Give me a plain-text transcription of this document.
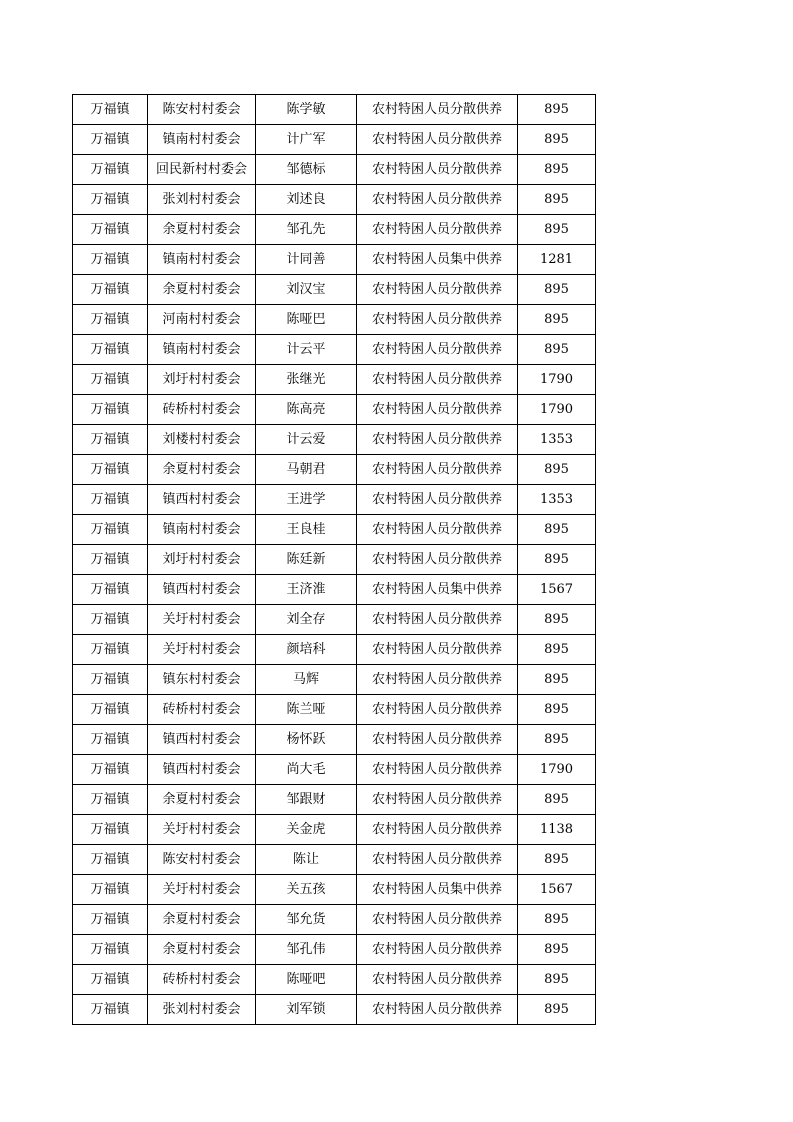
万福镇	陈安村村委会	陈学敏	农村特困人员分散供养	895
万福镇	镇南村村委会	计广军	农村特困人员分散供养	895
万福镇	回民新村村委会	邹德标	农村特困人员分散供养	895
万福镇	张刘村村委会	刘述良	农村特困人员分散供养	895
万福镇	余夏村村委会	邹孔先	农村特困人员分散供养	895
万福镇	镇南村村委会	计同善	农村特困人员集中供养	1281
万福镇	余夏村村委会	刘汉宝	农村特困人员分散供养	895
万福镇	河南村村委会	陈哑巴	农村特困人员分散供养	895
万福镇	镇南村村委会	计云平	农村特困人员分散供养	895
万福镇	刘圩村村委会	张继光	农村特困人员分散供养	1790
万福镇	砖桥村村委会	陈高亮	农村特困人员分散供养	1790
万福镇	刘楼村村委会	计云爱	农村特困人员分散供养	1353
万福镇	余夏村村委会	马朝君	农村特困人员分散供养	895
万福镇	镇西村村委会	王进学	农村特困人员分散供养	1353
万福镇	镇南村村委会	王良桂	农村特困人员分散供养	895
万福镇	刘圩村村委会	陈廷新	农村特困人员分散供养	895
万福镇	镇西村村委会	王济淮	农村特困人员集中供养	1567
万福镇	关圩村村委会	刘全存	农村特困人员分散供养	895
万福镇	关圩村村委会	颜培科	农村特困人员分散供养	895
万福镇	镇东村村委会	马辉	农村特困人员分散供养	895
万福镇	砖桥村村委会	陈兰哑	农村特困人员分散供养	895
万福镇	镇西村村委会	杨怀跃	农村特困人员分散供养	895
万福镇	镇西村村委会	尚大毛	农村特困人员分散供养	1790
万福镇	余夏村村委会	邹跟财	农村特困人员分散供养	895
万福镇	关圩村村委会	关金虎	农村特困人员分散供养	1138
万福镇	陈安村村委会	陈让	农村特困人员分散供养	895
万福镇	关圩村村委会	关五孩	农村特困人员集中供养	1567
万福镇	余夏村村委会	邹允货	农村特困人员分散供养	895
万福镇	余夏村村委会	邹孔伟	农村特困人员分散供养	895
万福镇	砖桥村村委会	陈哑吧	农村特困人员分散供养	895
万福镇	张刘村村委会	刘军锁	农村特困人员分散供养	895
